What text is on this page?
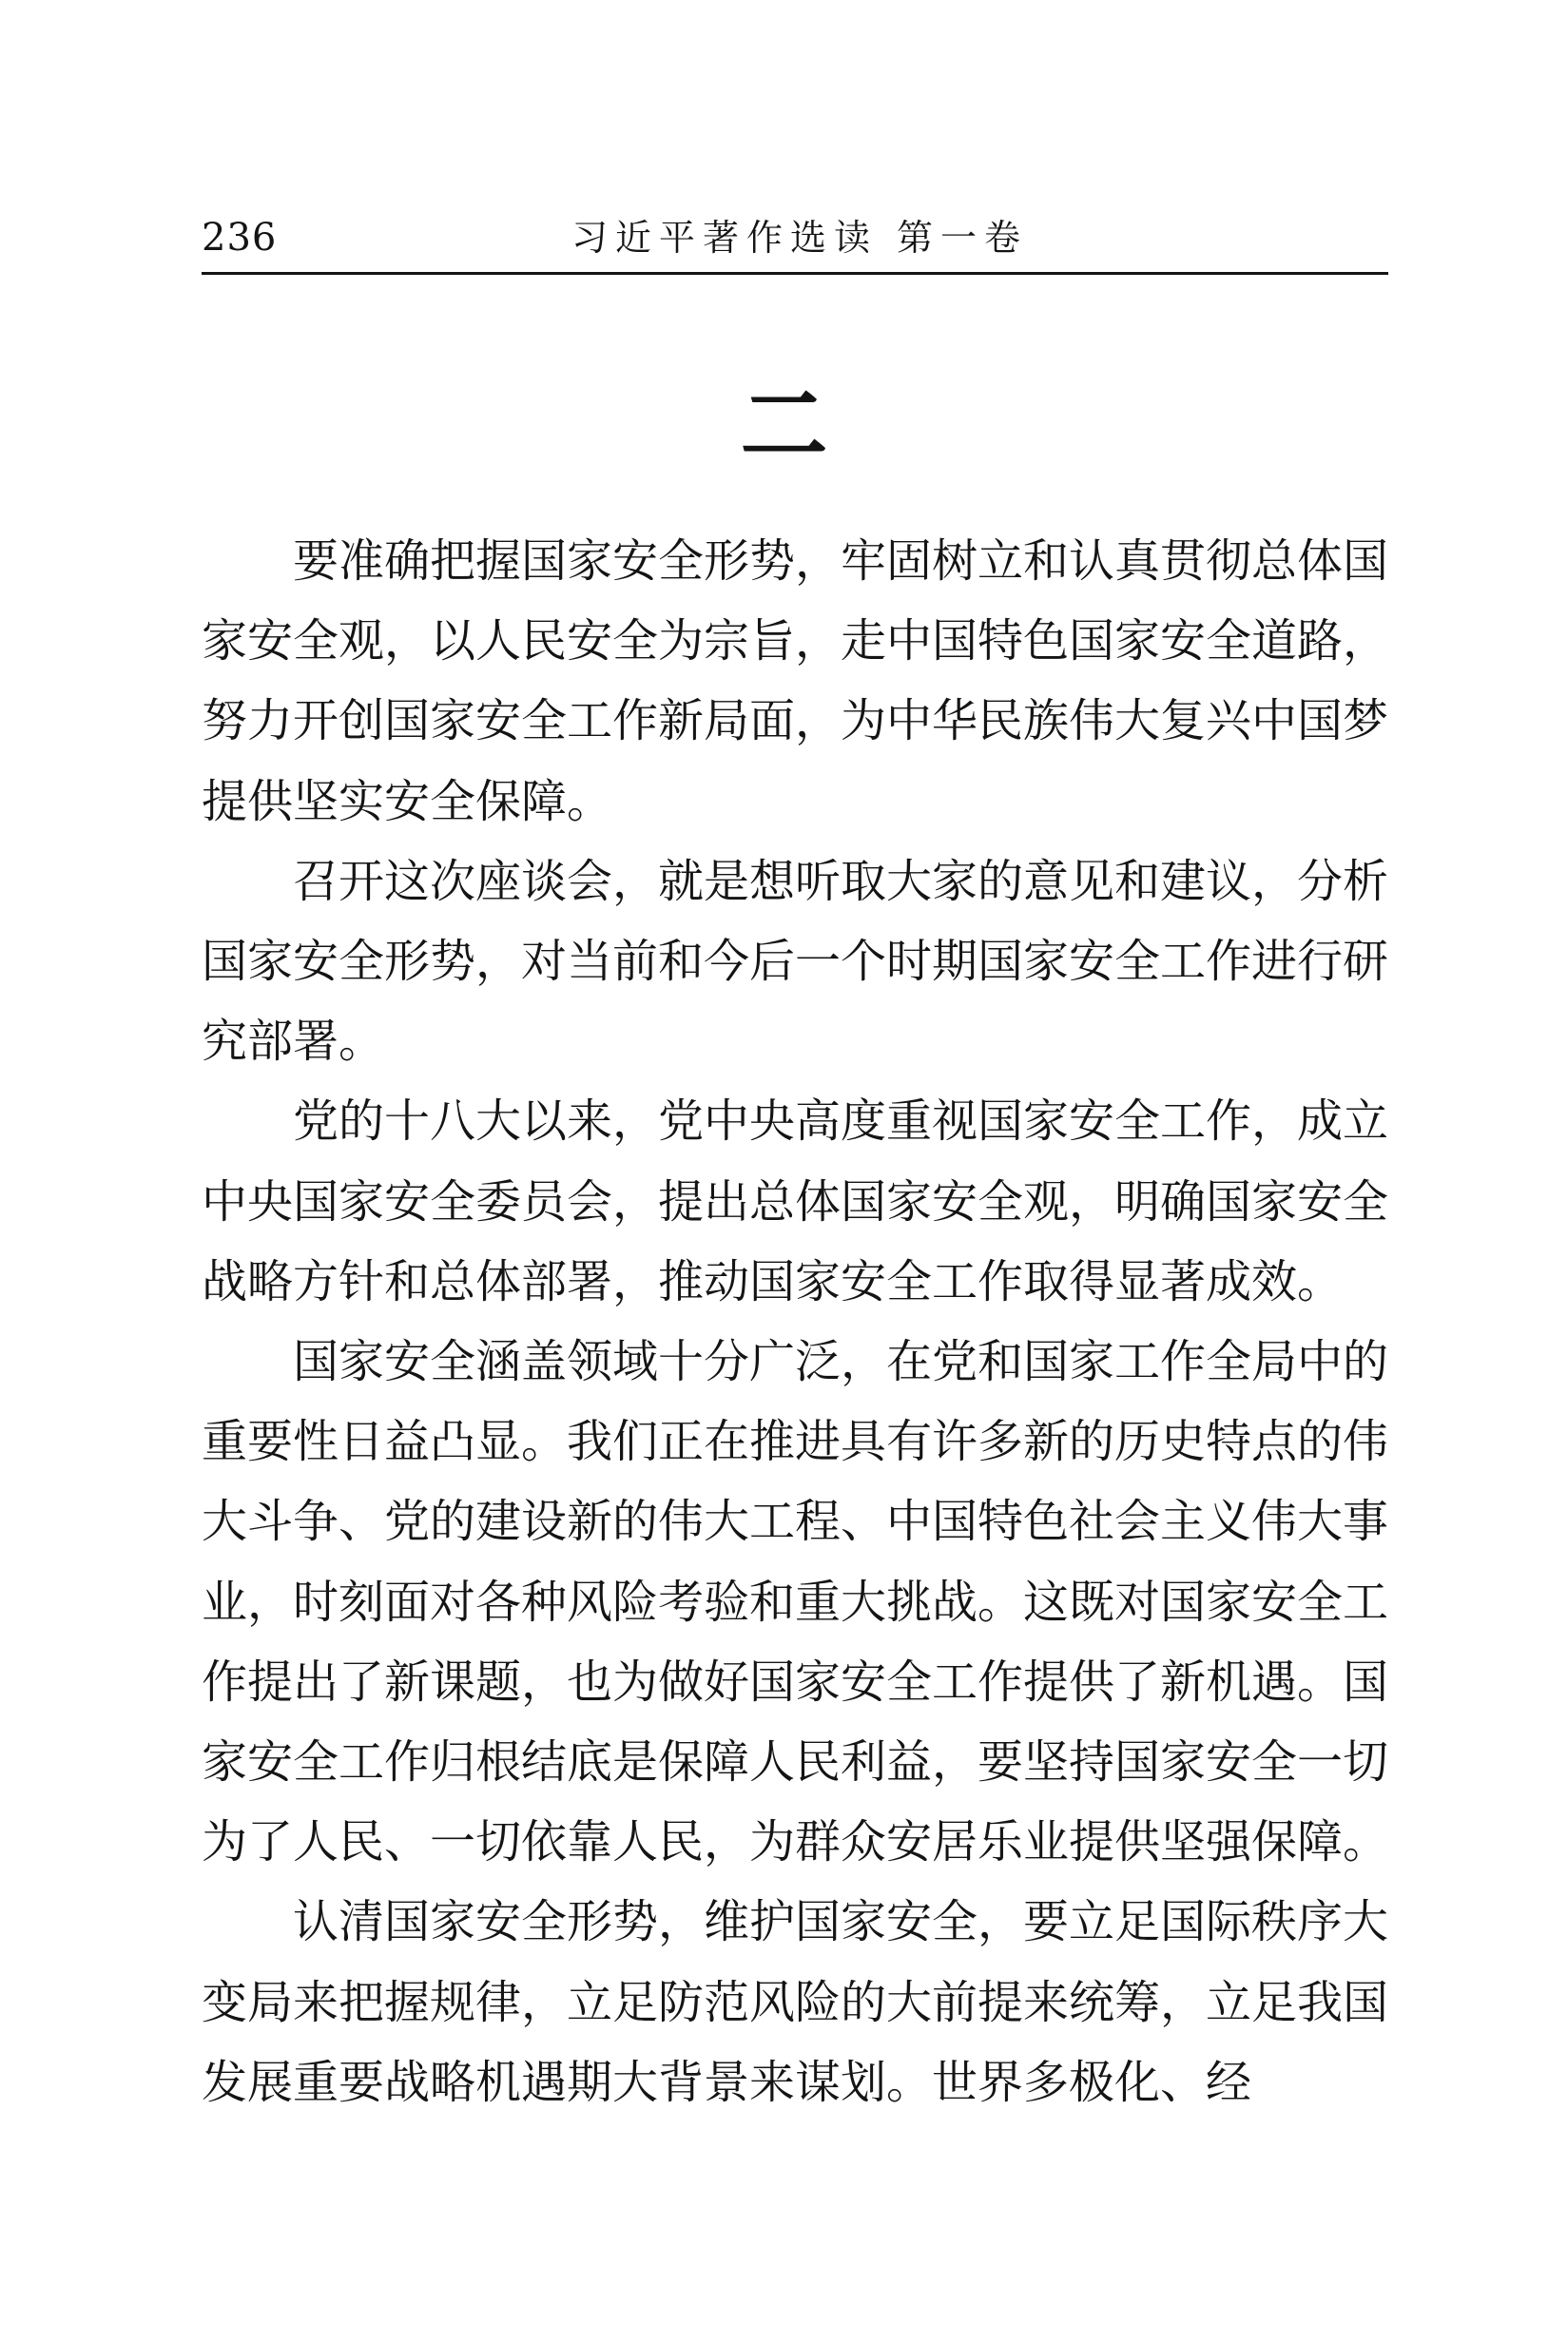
236	习近平著作选读 第一卷
二

要准确把握国家安全形势，牢固树立和认真贯彻总体国家安全观，以人民安全为宗旨，走中国特色国家安全道路，努力开创国家安全工作新局面，为中华民族伟大复兴中国梦提供坚实安全保障。

召开这次座谈会，就是想听取大家的意见和建议，分析国家安全形势，对当前和今后一个时期国家安全工作进行研究部署。

党的十八大以来，党中央高度重视国家安全工作，成立中央国家安全委员会，提出总体国家安全观，明确国家安全战略方针和总体部署，推动国家安全工作取得显著成效。

国家安全涵盖领域十分广泛，在党和国家工作全局中的重要性日益凸显。我们正在推进具有许多新的历史特点的伟大斗争、党的建设新的伟大工程、中国特色社会主义伟大事业，时刻面对各种风险考验和重大挑战。这既对国家安全工作提出了新课题，也为做好国家安全工作提供了新机遇。国家安全工作归根结底是保障人民利益，要坚持国家安全一切为了人民、一切依靠人民，为群众安居乐业提供坚强保障。

认清国家安全形势，维护国家安全，要立足国际秩序大变局来把握规律，立足防范风险的大前提来统筹，立足我国发展重要战略机遇期大背景来谋划。世界多极化、经
